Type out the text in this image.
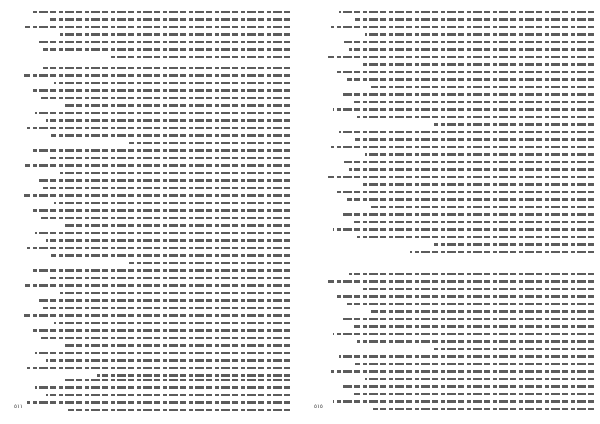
٥١١	٥١٥
